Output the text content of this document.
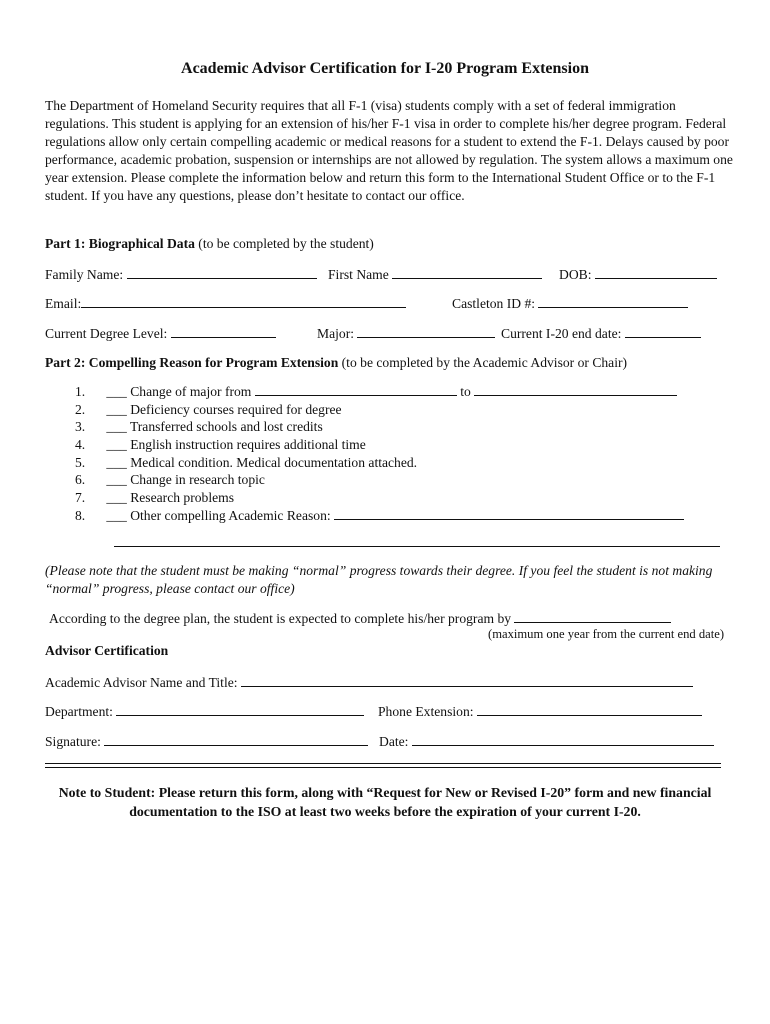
Academic Advisor Certification for I-20 Program Extension
The Department of Homeland Security requires that all F-1 (visa) students comply with a set of federal immigration regulations. This student is applying for an extension of his/her F-1 visa in order to complete his/her degree program. Federal regulations allow only certain compelling academic or medical reasons for a student to extend the F-1. Delays caused by poor performance, academic probation, suspension or internships are not allowed by regulation. The system allows a maximum one year extension. Please complete the information below and return this form to the International Student Office or to the F-1 student. If you have any questions, please don’t hesitate to contact our office.
Part 1: Biographical Data (to be completed by the student)
Family Name:	First Name	DOB:
Email:	Castleton ID #:
Current Degree Level:	Major:	Current I-20 end date:
Part 2: Compelling Reason for Program Extension (to be completed by the Academic Advisor or Chair)
1. ___ Change of major from	to
2. ___ Deficiency courses required for degree
3. ___ Transferred schools and lost credits
4. ___ English instruction requires additional time
5. ___ Medical condition. Medical documentation attached.
6. ___ Change in research topic
7. ___ Research problems
8. ___ Other compelling Academic Reason:
(Please note that the student must be making “normal” progress towards their degree. If you feel the student is not making “normal” progress, please contact our office)
According to the degree plan, the student is expected to complete his/her program by
(maximum one year from the current end date)
Advisor Certification
Academic Advisor Name and Title:
Department:	Phone Extension:
Signature:	Date:
Note to Student: Please return this form, along with “Request for New or Revised I-20” form and new financial documentation to the ISO at least two weeks before the expiration of your current I-20.
